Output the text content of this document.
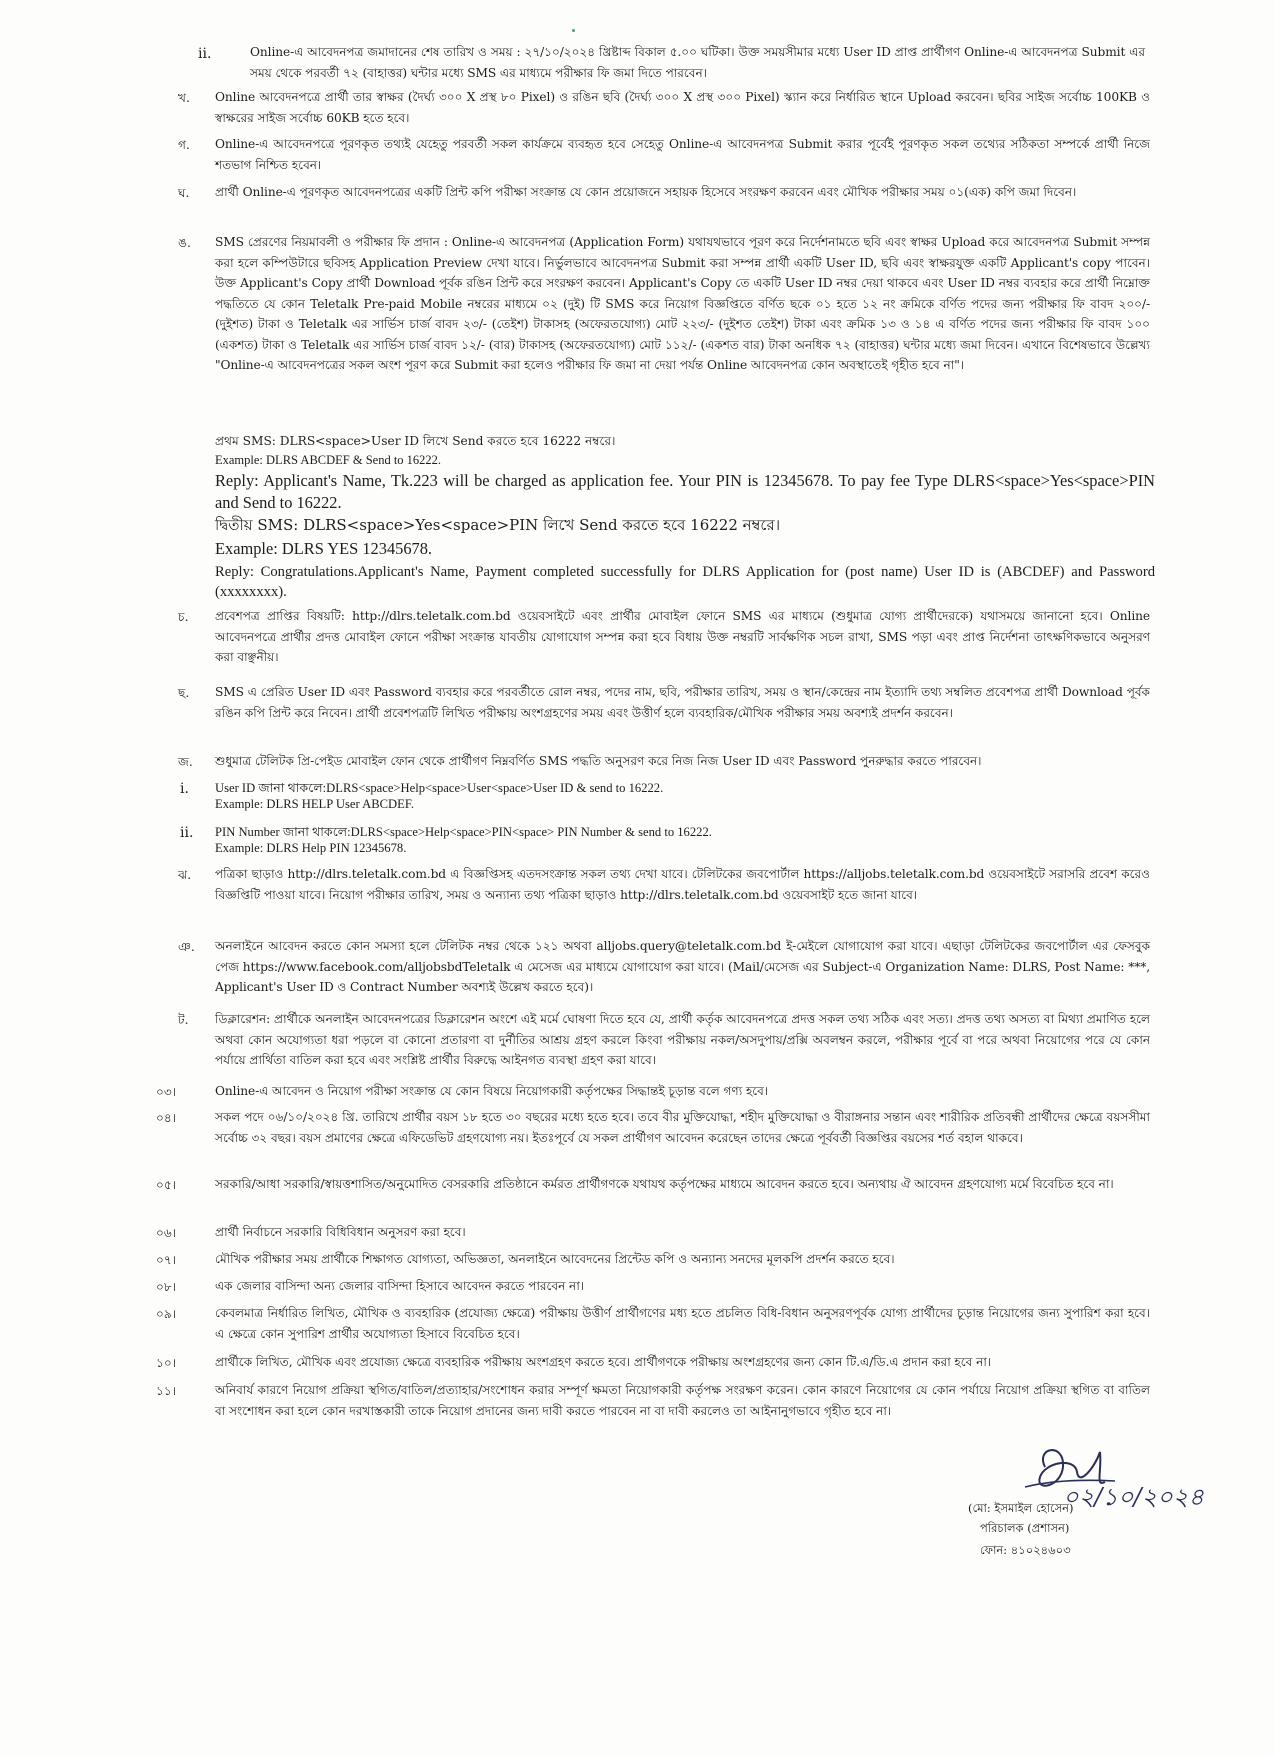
ii.	Online-এ আবেদনপত্র জমাদানের শেষ তারিখ ও সময় : ২৭/১০/২০২৪ খ্রিষ্টাব্দ বিকাল ৫.০০ ঘটিকা। উক্ত সময়সীমার মধ্যে User ID প্রাপ্ত প্রার্থীগণ Online-এ আবেদনপত্র Submit এর সময় থেকে পরবর্তী ৭২ (বাহাত্তর) ঘন্টার মধ্যে SMS এর মাধ্যমে পরীক্ষার ফি জমা দিতে পারবেন।
খ. Online আবেদনপত্রে প্রার্থী তার স্বাক্ষর (দৈর্ঘ্য ৩০০ X প্রস্থ ৮০ Pixel) ও রঙিন ছবি (দৈর্ঘ্য ৩০০ X প্রস্থ ৩০০ Pixel) স্ক্যান করে নির্ধারিত স্থানে Upload করবেন। ছবির সাইজ সর্বোচ্চ 100KB ও স্বাক্ষরের সাইজ সর্বোচ্চ 60KB হতে হবে।
গ. Online-এ আবেদনপত্রে পূরণকৃত তথ্যই যেহেতু পরবর্তী সকল কার্যক্রমে ব্যবহৃত হবে সেহেতু Online-এ আবেদনপত্র Submit করার পূর্বেই পূরণকৃত সকল তথ্যের সঠিকতা সম্পর্কে প্রার্থী নিজে শতভাগ নিশ্চিত হবেন।
ঘ. প্রার্থী Online-এ পূরণকৃত আবেদনপত্রের একটি প্রিন্ট কপি পরীক্ষা সংক্রান্ত যে কোন প্রয়োজনে সহায়ক হিসেবে সংরক্ষণ করবেন এবং মৌখিক পরীক্ষার সময় ০১(এক) কপি জমা দিবেন।
ঙ. SMS প্রেরণের নিয়মাবলী ও পরীক্ষার ফি প্রদান : Online-এ আবেদনপত্র (Application Form) যথাযথভাবে পূরণ করে নির্দেশনামতে ছবি এবং স্বাক্ষর Upload করে আবেদনপত্র Submit সম্পন্ন করা হলে কম্পিউটারে ছবিসহ Application Preview দেখা যাবে। নির্ভুলভাবে আবেদনপত্র Submit করা সম্পন্ন প্রার্থী একটি User ID, ছবি এবং স্বাক্ষরযুক্ত একটি Applicant's copy পাবেন। উক্ত Applicant's Copy প্রার্থী Download পূর্বক রঙিন প্রিন্ট করে সংরক্ষণ করবেন। Applicant's Copy তে একটি User ID নম্বর দেয়া থাকবে এবং User ID নম্বর ব্যবহার করে প্রার্থী নিম্নোক্ত পদ্ধতিতে যে কোন Teletalk Pre-paid Mobile নম্বরের মাধ্যমে ০২ (দুই) টি SMS করে নিয়োগ বিজ্ঞপ্তিতে বর্ণিত ছকে ০১ হতে ১২ নং ক্রমিকে বর্ণিত পদের জন্য পরীক্ষার ফি বাবদ ২০০/- (দুইশত) টাকা ও Teletalk এর সার্ভিস চার্জ বাবদ ২৩/- (তেইশ) টাকাসহ (অফেরতযোগ্য) মোট ২২৩/- (দুইশত তেইশ) টাকা এবং ক্রমিক ১৩ ও ১৪ এ বর্ণিত পদের জন্য পরীক্ষার ফি বাবদ ১০০ (একশত) টাকা ও Teletalk এর সার্ভিস চার্জ বাবদ ১২/- (বার) টাকাসহ (অফেরতযোগ্য) মোট ১১২/- (একশত বার) টাকা অনধিক ৭২ (বাহাত্তর) ঘন্টার মধ্যে জমা দিবেন। এখানে বিশেষভাবে উল্লেখ্য "Online-এ আবেদনপত্রের সকল অংশ পূরণ করে Submit করা হলেও পরীক্ষার ফি জমা না দেয়া পর্যন্ত Online আবেদনপত্র কোন অবস্থাতেই গৃহীত হবে না"।
প্রথম SMS: DLRS<space>User ID লিখে Send করতে হবে 16222 নম্বরে।
Example: DLRS ABCDEF & Send to 16222.
Reply: Applicant's Name, Tk.223 will be charged as application fee. Your PIN is 12345678. To pay fee Type DLRS<space>Yes<space>PIN and Send to 16222.
দ্বিতীয় SMS: DLRS<space>Yes<space>PIN লিখে Send করতে হবে 16222 নম্বরে।
Example: DLRS YES 12345678.
Reply: Congratulations.Applicant's Name, Payment completed successfully for DLRS Application for (post name) User ID is (ABCDEF) and Password (xxxxxxxx).
চ. প্রবেশপত্র প্রাপ্তির বিষয়টি: http://dlrs.teletalk.com.bd ওয়েবসাইটে এবং প্রার্থীর মোবাইল ফোনে SMS এর মাধ্যমে (শুধুমাত্র যোগ্য প্রার্থীদেরকে) যথাসময়ে জানানো হবে। Online আবেদনপত্রে প্রার্থীর প্রদত্ত মোবাইল ফোনে পরীক্ষা সংক্রান্ত যাবতীয় যোগাযোগ সম্পন্ন করা হবে বিধায় উক্ত নম্বরটি সার্বক্ষণিক সচল রাখা, SMS পড়া এবং প্রাপ্ত নির্দেশনা তাৎক্ষণিকভাবে অনুসরণ করা বাঞ্ছনীয়।
ছ. SMS এ প্রেরিত User ID এবং Password ব্যবহার করে পরবর্তীতে রোল নম্বর, পদের নাম, ছবি, পরীক্ষার তারিখ, সময় ও স্থান/কেন্দ্রের নাম ইত্যাদি তথ্য সম্বলিত প্রবেশপত্র প্রার্থী Download পূর্বক রঙিন কপি প্রিন্ট করে নিবেন। প্রার্থী প্রবেশপত্রটি লিখিত পরীক্ষায় অংশগ্রহণের সময় এবং উত্তীর্ণ হলে ব্যবহারিক/মৌখিক পরীক্ষার সময় অবশ্যই প্রদর্শন করবেন।
জ. শুধুমাত্র টেলিটক প্রি-পেইড মোবাইল ফোন থেকে প্রার্থীগণ নিম্নবর্ণিত SMS পদ্ধতি অনুসরণ করে নিজ নিজ User ID এবং Password পুনরুদ্ধার করতে পারবেন।
i. User ID জানা থাকলে:DLRS<space>Help<space>User<space>User ID & send to 16222.
Example: DLRS HELP User ABCDEF.
ii. PIN Number জানা থাকলে:DLRS<space>Help<space>PIN<space> PIN Number & send to 16222.
Example: DLRS Help PIN 12345678.
ঝ. পত্রিকা ছাড়াও http://dlrs.teletalk.com.bd এ বিজ্ঞপ্তিসহ এতদসংক্রান্ত সকল তথ্য দেখা যাবে। টেলিটকের জবপোর্টাল https://alljobs.teletalk.com.bd ওয়েবসাইটে সরাসরি প্রবেশ করেও বিজ্ঞপ্তিটি পাওয়া যাবে। নিয়োগ পরীক্ষার তারিখ, সময় ও অন্যান্য তথ্য পত্রিকা ছাড়াও http://dlrs.teletalk.com.bd ওয়েবসাইট হতে জানা যাবে।
ঞ. অনলাইনে আবেদন করতে কোন সমস্যা হলে টেলিটক নম্বর থেকে ১২১ অথবা alljobs.query@teletalk.com.bd ই-মেইলে যোগাযোগ করা যাবে। এছাড়া টেলিটকের জবপোর্টাল এর ফেসবুক পেজ https://www.facebook.com/alljobsbdTeletalk এ মেসেজ এর মাধ্যমে যোগাযোগ করা যাবে। (Mail/মেসেজ এর Subject-এ Organization Name: DLRS, Post Name: ***, Applicant's User ID ও Contract Number অবশ্যই উল্লেখ করতে হবে)।
ট. ডিক্লারেশন: প্রার্থীকে অনলাইন আবেদনপত্রের ডিক্লারেশন অংশে এই মর্মে ঘোষণা দিতে হবে যে, প্রার্থী কর্তৃক আবেদনপত্রে প্রদত্ত সকল তথ্য সঠিক এবং সত্য। প্রদত্ত তথ্য অসত্য বা মিথ্যা প্রমাণিত হলে অথবা কোন অযোগ্যতা ধরা পড়লে বা কোনো প্রতারণা বা দুর্নীতির আশ্রয় গ্রহণ করলে কিংবা পরীক্ষায় নকল/অসদুপায়/প্রক্সি অবলম্বন করলে, পরীক্ষার পূর্বে বা পরে অথবা নিয়োগের পরে যে কোন পর্যায়ে প্রার্থিতা বাতিল করা হবে এবং সংশ্লিষ্ট প্রার্থীর বিরুদ্ধে আইনগত ব্যবস্থা গ্রহণ করা যাবে।
০৩।	Online-এ আবেদন ও নিয়োগ পরীক্ষা সংক্রান্ত যে কোন বিষয়ে নিয়োগকারী কর্তৃপক্ষের সিদ্ধান্তই চূড়ান্ত বলে গণ্য হবে।
০৪।	সকল পদে ০৬/১০/২০২৪ খ্রি. তারিখে প্রার্থীর বয়স ১৮ হতে ৩০ বছরের মধ্যে হতে হবে। তবে বীর মুক্তিযোদ্ধা, শহীদ মুক্তিযোদ্ধা ও বীরাঙ্গনার সন্তান এবং শারীরিক প্রতিবন্ধী প্রার্থীদের ক্ষেত্রে বয়সসীমা সর্বোচ্চ ৩২ বছর। বয়স প্রমাণের ক্ষেত্রে এফিডেভিট গ্রহণযোগ্য নয়। ইতঃপূর্বে যে সকল প্রার্থীগণ আবেদন করেছেন তাদের ক্ষেত্রে পূর্ববর্তী বিজ্ঞপ্তির বয়সের শর্ত বহাল থাকবে।
০৫।	সরকারি/আধা সরকারি/স্বায়ত্তশাসিত/অনুমোদিত বেসরকারি প্রতিষ্ঠানে কর্মরত প্রার্থীগণকে যথাযথ কর্তৃপক্ষের মাধ্যমে আবেদন করতে হবে। অন্যথায় ঐ আবেদন গ্রহণযোগ্য মর্মে বিবেচিত হবে না।
০৬।	প্রার্থী নির্বাচনে সরকারি বিধিবিধান অনুসরণ করা হবে।
০৭।	মৌখিক পরীক্ষার সময় প্রার্থীকে শিক্ষাগত যোগ্যতা, অভিজ্ঞতা, অনলাইনে আবেদনের প্রিন্টেড কপি ও অন্যান্য সনদের মূলকপি প্রদর্শন করতে হবে।
০৮।	এক জেলার বাসিন্দা অন্য জেলার বাসিন্দা হিসাবে আবেদন করতে পারবেন না।
০৯।	কেবলমাত্র নির্ধারিত লিখিত, মৌখিক ও ব্যবহারিক (প্রযোজ্য ক্ষেত্রে) পরীক্ষায় উত্তীর্ণ প্রার্থীগণের মধ্য হতে প্রচলিত বিধি-বিধান অনুসরণপূর্বক যোগ্য প্রার্থীদের চূড়ান্ত নিয়োগের জন্য সুপারিশ করা হবে। এ ক্ষেত্রে কোন সুপারিশ প্রার্থীর অযোগ্যতা হিসাবে বিবেচিত হবে।
১০।	প্রার্থীকে লিখিত, মৌখিক এবং প্রযোজ্য ক্ষেত্রে ব্যবহারিক পরীক্ষায় অংশগ্রহণ করতে হবে। প্রার্থীগণকে পরীক্ষায় অংশগ্রহণের জন্য কোন টি.এ/ডি.এ প্রদান করা হবে না।
১১।	অনিবার্য কারণে নিয়োগ প্রক্রিয়া স্থগিত/বাতিল/প্রত্যাহার/সংশোধন করার সম্পূর্ণ ক্ষমতা নিয়োগকারী কর্তৃপক্ষ সংরক্ষণ করেন। কোন কারণে নিয়োগের যে কোন পর্যায়ে নিয়োগ প্রক্রিয়া স্থগিত বা বাতিল বা সংশোধন করা হলে কোন দরখাস্তকারী তাকে নিয়োগ প্রদানের জন্য দাবী করতে পারবেন না বা দাবী করলেও তা আইনানুগভাবে গৃহীত হবে না।
০২/১০/২০২৪
(মো: ইসমাইল হোসেন)
পরিচালক (প্রশাসন)
ফোন: ৪১০২৪৬০৩
